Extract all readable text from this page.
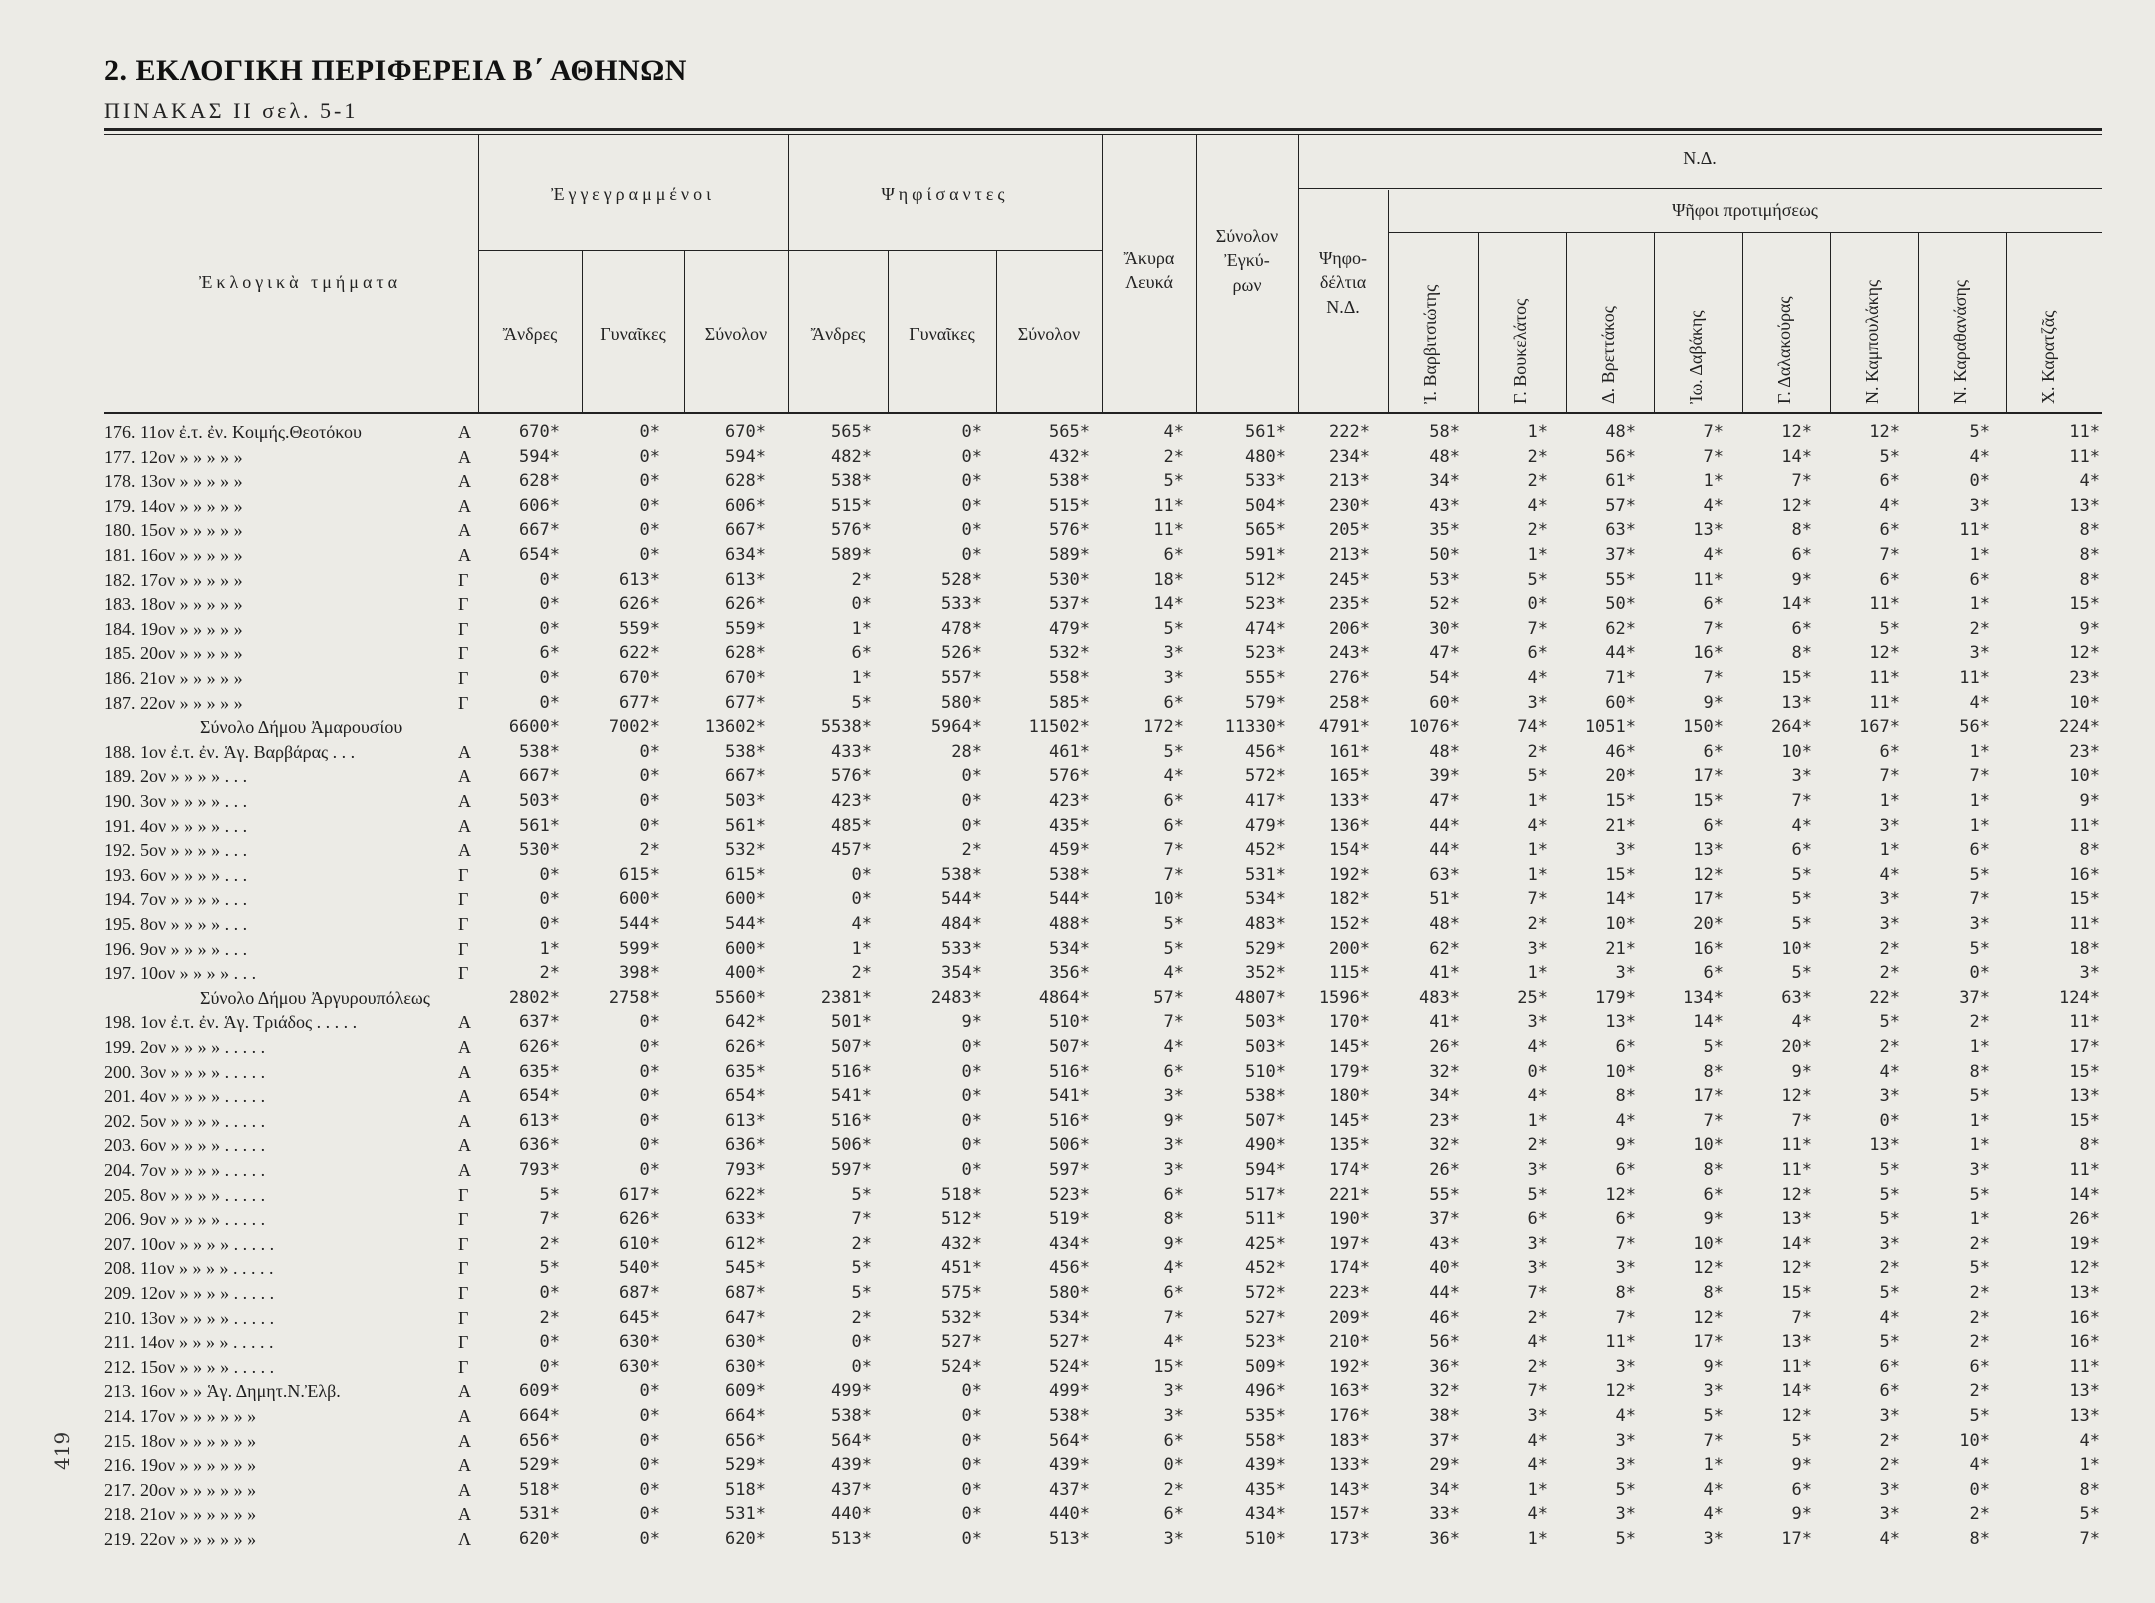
2. ΕΚΛΟΓΙΚΗ ΠΕΡΙΦΕΡΕΙΑ Β΄ ΑΘΗΝΩΝ
ΠΙΝΑΚΑΣ ΙΙ σελ. 5-1
419
Ἐκλογικὰ τμήματα
Ἐγγεγραμμένοι	Ψηφίσαντες
Ἄνδρες	Γυναῖκες	Σύνολον	Ἄνδρες	Γυναῖκες	Σύνολον
Ἄκυρα
Λευκά
Σύνολον
Ἐγκύ-
ρων
Ν.Δ.
Ψηφο-
δέλτια
Ν.Δ.
Ψῆφοι προτιμήσεως
Ἰ. Βαρβιτσιώτης	Γ. Βουκελάτος	Δ. Βρεττάκος	Ἰω. Δαβάκης	Γ. Δαλακούρας	Ν. Καμπουλάκης	Ν. Καραθανάσης	Χ. Καρατζᾶς
176. 11ον ἐ.τ. ἐν. Κοιμής.Θεοτόκου	Α	670*	0*	670*	565*	0*	565*	4*	561*	222*	58*	1*	48*	7*	12*	12*	5*	11*
177. 12ον » » » » »	Α	594*	0*	594*	482*	0*	432*	2*	480*	234*	48*	2*	56*	7*	14*	5*	4*	11*
178. 13ον » » » » »	Α	628*	0*	628*	538*	0*	538*	5*	533*	213*	34*	2*	61*	1*	7*	6*	0*	4*
179. 14ον » » » » »	Α	606*	0*	606*	515*	0*	515*	11*	504*	230*	43*	4*	57*	4*	12*	4*	3*	13*
180. 15ον » » » » »	Α	667*	0*	667*	576*	0*	576*	11*	565*	205*	35*	2*	63*	13*	8*	6*	11*	8*
181. 16ον » » » » »	Α	654*	0*	634*	589*	0*	589*	6*	591*	213*	50*	1*	37*	4*	6*	7*	1*	8*
182. 17ον » » » » »	Γ	0*	613*	613*	2*	528*	530*	18*	512*	245*	53*	5*	55*	11*	9*	6*	6*	8*
183. 18ον » » » » »	Γ	0*	626*	626*	0*	533*	537*	14*	523*	235*	52*	0*	50*	6*	14*	11*	1*	15*
184. 19ον » » » » »	Γ	0*	559*	559*	1*	478*	479*	5*	474*	206*	30*	7*	62*	7*	6*	5*	2*	9*
185. 20ον » » » » »	Γ	6*	622*	628*	6*	526*	532*	3*	523*	243*	47*	6*	44*	16*	8*	12*	3*	12*
186. 21ον » » » » »	Γ	0*	670*	670*	1*	557*	558*	3*	555*	276*	54*	4*	71*	7*	15*	11*	11*	23*
187. 22ον » » » » »	Γ	0*	677*	677*	5*	580*	585*	6*	579*	258*	60*	3*	60*	9*	13*	11*	4*	10*
Σύνολο Δήμου Ἀμαρουσίου	6600*	7002*	13602*	5538*	5964*	11502*	172*	11330*	4791*	1076*	74*	1051*	150*	264*	167*	56*	224*
188. 1ον ἐ.τ. ἐν. Ἁγ. Βαρβάρας . . .	Α	538*	0*	538*	433*	28*	461*	5*	456*	161*	48*	2*	46*	6*	10*	6*	1*	23*
189. 2ον » » » » . . .	Α	667*	0*	667*	576*	0*	576*	4*	572*	165*	39*	5*	20*	17*	3*	7*	7*	10*
190. 3ον » » » » . . .	Α	503*	0*	503*	423*	0*	423*	6*	417*	133*	47*	1*	15*	15*	7*	1*	1*	9*
191. 4ον » » » » . . .	Α	561*	0*	561*	485*	0*	435*	6*	479*	136*	44*	4*	21*	6*	4*	3*	1*	11*
192. 5ον » » » » . . .	Α	530*	2*	532*	457*	2*	459*	7*	452*	154*	44*	1*	3*	13*	6*	1*	6*	8*
193. 6ον » » » » . . .	Γ	0*	615*	615*	0*	538*	538*	7*	531*	192*	63*	1*	15*	12*	5*	4*	5*	16*
194. 7ον » » » » . . .	Γ	0*	600*	600*	0*	544*	544*	10*	534*	182*	51*	7*	14*	17*	5*	3*	7*	15*
195. 8ον » » » » . . .	Γ	0*	544*	544*	4*	484*	488*	5*	483*	152*	48*	2*	10*	20*	5*	3*	3*	11*
196. 9ον » » » » . . .	Γ	1*	599*	600*	1*	533*	534*	5*	529*	200*	62*	3*	21*	16*	10*	2*	5*	18*
197. 10ον » » » » . . .	Γ	2*	398*	400*	2*	354*	356*	4*	352*	115*	41*	1*	3*	6*	5*	2*	0*	3*
Σύνολο Δήμου Ἀργυρουπόλεως	2802*	2758*	5560*	2381*	2483*	4864*	57*	4807*	1596*	483*	25*	179*	134*	63*	22*	37*	124*
198. 1ον ἐ.τ. ἐν. Ἁγ. Τριάδος . . . . .	Α	637*	0*	642*	501*	9*	510*	7*	503*	170*	41*	3*	13*	14*	4*	5*	2*	11*
199. 2ον » » » » . . . . .	Α	626*	0*	626*	507*	0*	507*	4*	503*	145*	26*	4*	6*	5*	20*	2*	1*	17*
200. 3ον » » » » . . . . .	Α	635*	0*	635*	516*	0*	516*	6*	510*	179*	32*	0*	10*	8*	9*	4*	8*	15*
201. 4ον » » » » . . . . .	Α	654*	0*	654*	541*	0*	541*	3*	538*	180*	34*	4*	8*	17*	12*	3*	5*	13*
202. 5ον » » » » . . . . .	Α	613*	0*	613*	516*	0*	516*	9*	507*	145*	23*	1*	4*	7*	7*	0*	1*	15*
203. 6ον » » » » . . . . .	Α	636*	0*	636*	506*	0*	506*	3*	490*	135*	32*	2*	9*	10*	11*	13*	1*	8*
204. 7ον » » » » . . . . .	Α	793*	0*	793*	597*	0*	597*	3*	594*	174*	26*	3*	6*	8*	11*	5*	3*	11*
205. 8ον » » » » . . . . .	Γ	5*	617*	622*	5*	518*	523*	6*	517*	221*	55*	5*	12*	6*	12*	5*	5*	14*
206. 9ον » » » » . . . . .	Γ	7*	626*	633*	7*	512*	519*	8*	511*	190*	37*	6*	6*	9*	13*	5*	1*	26*
207. 10ον » » » » . . . . .	Γ	2*	610*	612*	2*	432*	434*	9*	425*	197*	43*	3*	7*	10*	14*	3*	2*	19*
208. 11ον » » » » . . . . .	Γ	5*	540*	545*	5*	451*	456*	4*	452*	174*	40*	3*	3*	12*	12*	2*	5*	12*
209. 12ον » » » » . . . . .	Γ	0*	687*	687*	5*	575*	580*	6*	572*	223*	44*	7*	8*	8*	15*	5*	2*	13*
210. 13ον » » » » . . . . .	Γ	2*	645*	647*	2*	532*	534*	7*	527*	209*	46*	2*	7*	12*	7*	4*	2*	16*
211. 14ον » » » » . . . . .	Γ	0*	630*	630*	0*	527*	527*	4*	523*	210*	56*	4*	11*	17*	13*	5*	2*	16*
212. 15ον » » » » . . . . .	Γ	0*	630*	630*	0*	524*	524*	15*	509*	192*	36*	2*	3*	9*	11*	6*	6*	11*
213. 16ον » » Ἁγ. Δημητ.Ν.Ἐλβ.	Α	609*	0*	609*	499*	0*	499*	3*	496*	163*	32*	7*	12*	3*	14*	6*	2*	13*
214. 17ον » » » » » »	Α	664*	0*	664*	538*	0*	538*	3*	535*	176*	38*	3*	4*	5*	12*	3*	5*	13*
215. 18ον » » » » » »	Α	656*	0*	656*	564*	0*	564*	6*	558*	183*	37*	4*	3*	7*	5*	2*	10*	4*
216. 19ον » » » » » »	Α	529*	0*	529*	439*	0*	439*	0*	439*	133*	29*	4*	3*	1*	9*	2*	4*	1*
217. 20ον » » » » » »	Α	518*	0*	518*	437*	0*	437*	2*	435*	143*	34*	1*	5*	4*	6*	3*	0*	8*
218. 21ον » » » » » »	Α	531*	0*	531*	440*	0*	440*	6*	434*	157*	33*	4*	3*	4*	9*	3*	2*	5*
219. 22ον » » » » » »	Λ	620*	0*	620*	513*	0*	513*	3*	510*	173*	36*	1*	5*	3*	17*	4*	8*	7*
